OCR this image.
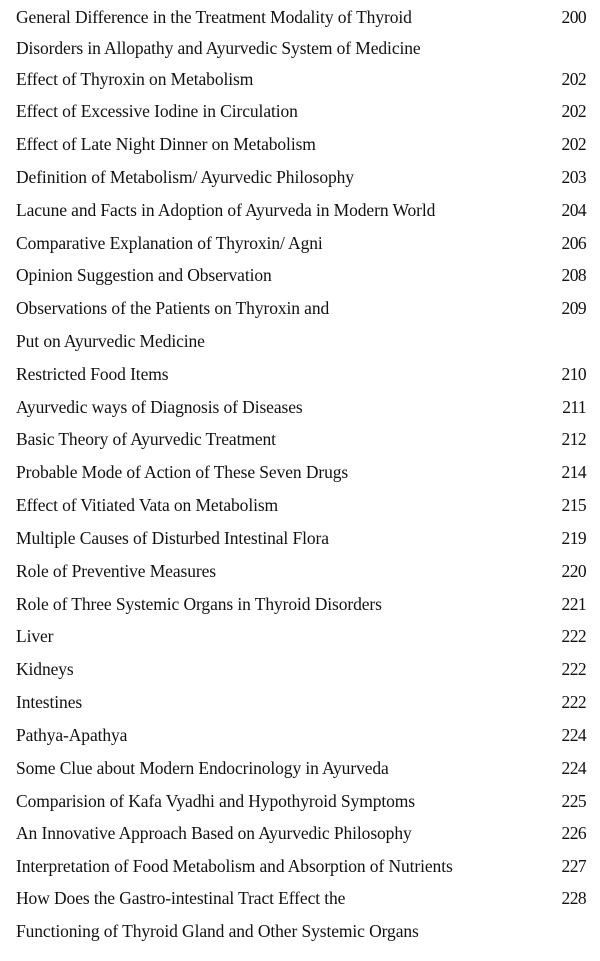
General Difference in the Treatment Modality of Thyroid	200
Disorders in Allopathy and Ayurvedic System of Medicine
Effect of Thyroxin on Metabolism	202
Effect of Excessive Iodine in Circulation	202
Effect of Late Night Dinner on Metabolism	202
Definition of Metabolism/ Ayurvedic Philosophy	203
Lacune and Facts in Adoption of Ayurveda in Modern World	204
Comparative Explanation of Thyroxin/ Agni	206
Opinion Suggestion and Observation	208
Observations of the Patients on Thyroxin and	209
Put on Ayurvedic Medicine
Restricted Food Items	210
Ayurvedic ways of Diagnosis of Diseases	211
Basic Theory of Ayurvedic Treatment	212
Probable Mode of Action of These Seven Drugs	214
Effect of Vitiated Vata on Metabolism	215
Multiple Causes of Disturbed Intestinal Flora	219
Role of Preventive Measures	220
Role of Three Systemic Organs in Thyroid Disorders	221
Liver	222
Kidneys	222
Intestines	222
Pathya-Apathya	224
Some Clue about Modern Endocrinology in Ayurveda	224
Comparision of Kafa Vyadhi and Hypothyroid Symptoms	225
An Innovative Approach Based on Ayurvedic Philosophy	226
Interpretation of Food Metabolism and Absorption of Nutrients	227
How Does the Gastro-intestinal Tract Effect the	228
Functioning of Thyroid Gland and Other Systemic Organs
